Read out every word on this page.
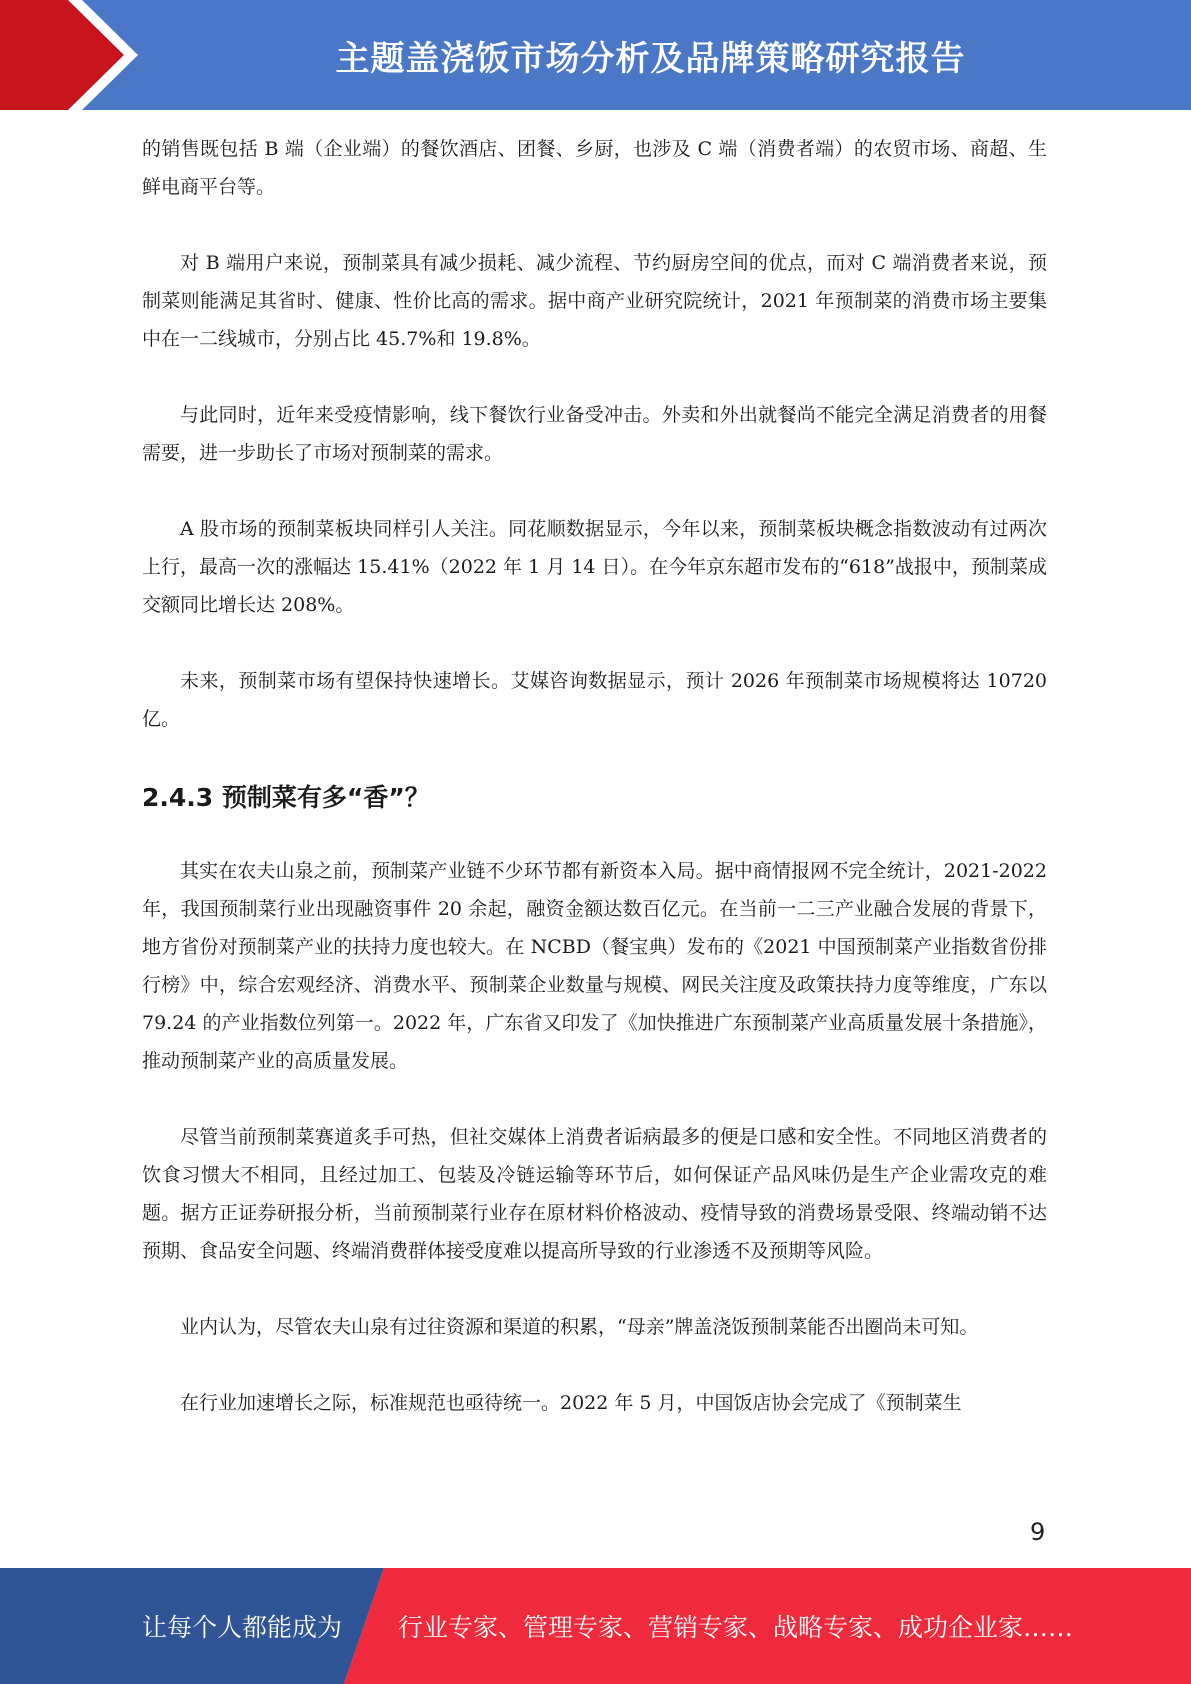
主题盖浇饭市场分析及品牌策略研究报告

的销售既包括 B 端（企业端）的餐饮酒店、团餐、乡厨，也涉及 C 端（消费者端）的农贸市场、商超、生鲜电商平台等。

对 B 端用户来说，预制菜具有减少损耗、减少流程、节约厨房空间的优点，而对 C 端消费者来说，预制菜则能满足其省时、健康、性价比高的需求。据中商产业研究院统计，2021 年预制菜的消费市场主要集中在一二线城市，分别占比 45.7%和 19.8%。

与此同时，近年来受疫情影响，线下餐饮行业备受冲击。外卖和外出就餐尚不能完全满足消费者的用餐需要，进一步助长了市场对预制菜的需求。

A 股市场的预制菜板块同样引人关注。同花顺数据显示，今年以来，预制菜板块概念指数波动有过两次上行，最高一次的涨幅达 15.41%（2022 年 1 月 14 日）。在今年京东超市发布的“618”战报中，预制菜成交额同比增长达 208%。

未来，预制菜市场有望保持快速增长。艾媒咨询数据显示，预计 2026 年预制菜市场规模将达 10720 亿。

2.4.3 预制菜有多“香”？

其实在农夫山泉之前，预制菜产业链不少环节都有新资本入局。据中商情报网不完全统计，2021-2022 年，我国预制菜行业出现融资事件 20 余起，融资金额达数百亿元。在当前一二三产业融合发展的背景下，地方省份对预制菜产业的扶持力度也较大。在 NCBD（餐宝典）发布的《2021 中国预制菜产业指数省份排行榜》中，综合宏观经济、消费水平、预制菜企业数量与规模、网民关注度及政策扶持力度等维度，广东以 79.24 的产业指数位列第一。2022 年，广东省又印发了《加快推进广东预制菜产业高质量发展十条措施》，推动预制菜产业的高质量发展。

尽管当前预制菜赛道炙手可热，但社交媒体上消费者诟病最多的便是口感和安全性。不同地区消费者的饮食习惯大不相同，且经过加工、包装及冷链运输等环节后，如何保证产品风味仍是生产企业需攻克的难题。据方正证券研报分析，当前预制菜行业存在原材料价格波动、疫情导致的消费场景受限、终端动销不达预期、食品安全问题、终端消费群体接受度难以提高所导致的行业渗透不及预期等风险。

业内认为，尽管农夫山泉有过往资源和渠道的积累，“母亲”牌盖浇饭预制菜能否出圈尚未可知。

在行业加速增长之际，标准规范也亟待统一。2022 年 5 月，中国饭店协会完成了《预制菜生

9
让每个人都能成为 行业专家、管理专家、营销专家、战略专家、成功企业家……
